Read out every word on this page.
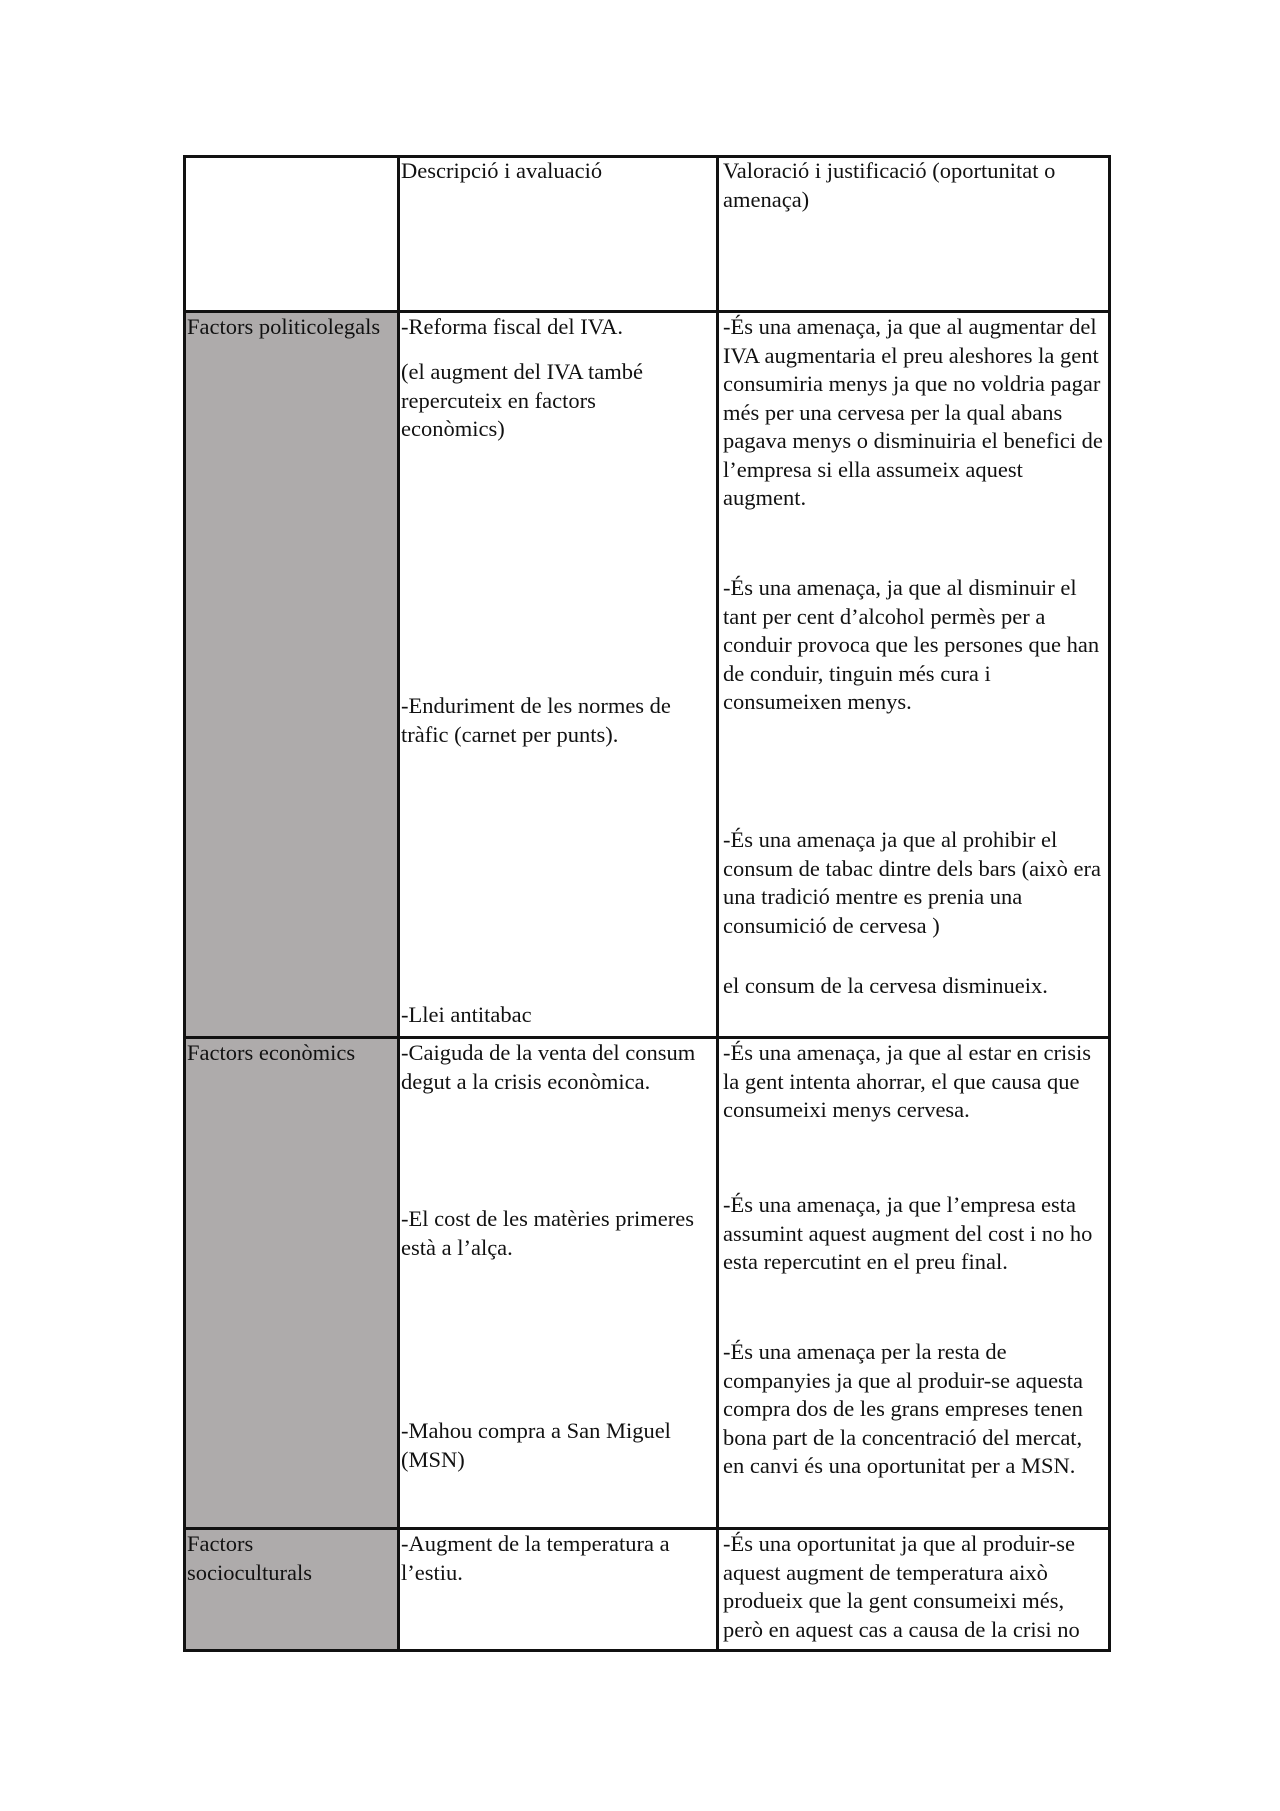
Descripció i avaluació	Valoració i justificació (oportunitat o amenaça)

Factors politicolegals -Reforma fiscal del IVA.

(el augment del IVA també repercuteix en factors econòmics)

-Enduriment de les normes de tràfic (carnet per punts).

-Llei antitabac

-És una amenaça, ja que al augmentar del IVA augmentaria el preu aleshores la gent consumiria menys ja que no voldria pagar més per una cervesa per la qual abans pagava menys o disminuiria el benefici de l’empresa si ella assumeix aquest augment.

-És una amenaça, ja que al disminuir el tant per cent d’alcohol permès per a conduir provoca que les persones que han de conduir, tinguin més cura i consumeixen menys.

-És una amenaça ja que al prohibir el consum de tabac dintre dels bars (això era una tradició mentre es prenia una consumició de cervesa )

el consum de la cervesa disminueix.

Factors econòmics	-Caiguda de la venta del consum degut a la crisis econòmica.

-El cost de les matèries primeres està a l’alça.

-Mahou compra a San Miguel (MSN)

-És una amenaça, ja que al estar en crisis la gent intenta ahorrar, el que causa que consumeixi menys cervesa.

-És una amenaça, ja que l’empresa esta assumint aquest augment del cost i no ho esta repercutint en el preu final.

-És una amenaça per la resta de companyies ja que al produir-se aquesta compra dos de les grans empreses tenen bona part de la concentració del mercat, en canvi és una oportunitat per a MSN.

Factors socioculturals

-Augment de la temperatura a l’estiu.

-És una oportunitat ja que al produir-se aquest augment de temperatura això produeix que la gent consumeixi més, però en aquest cas a causa de la crisi no
